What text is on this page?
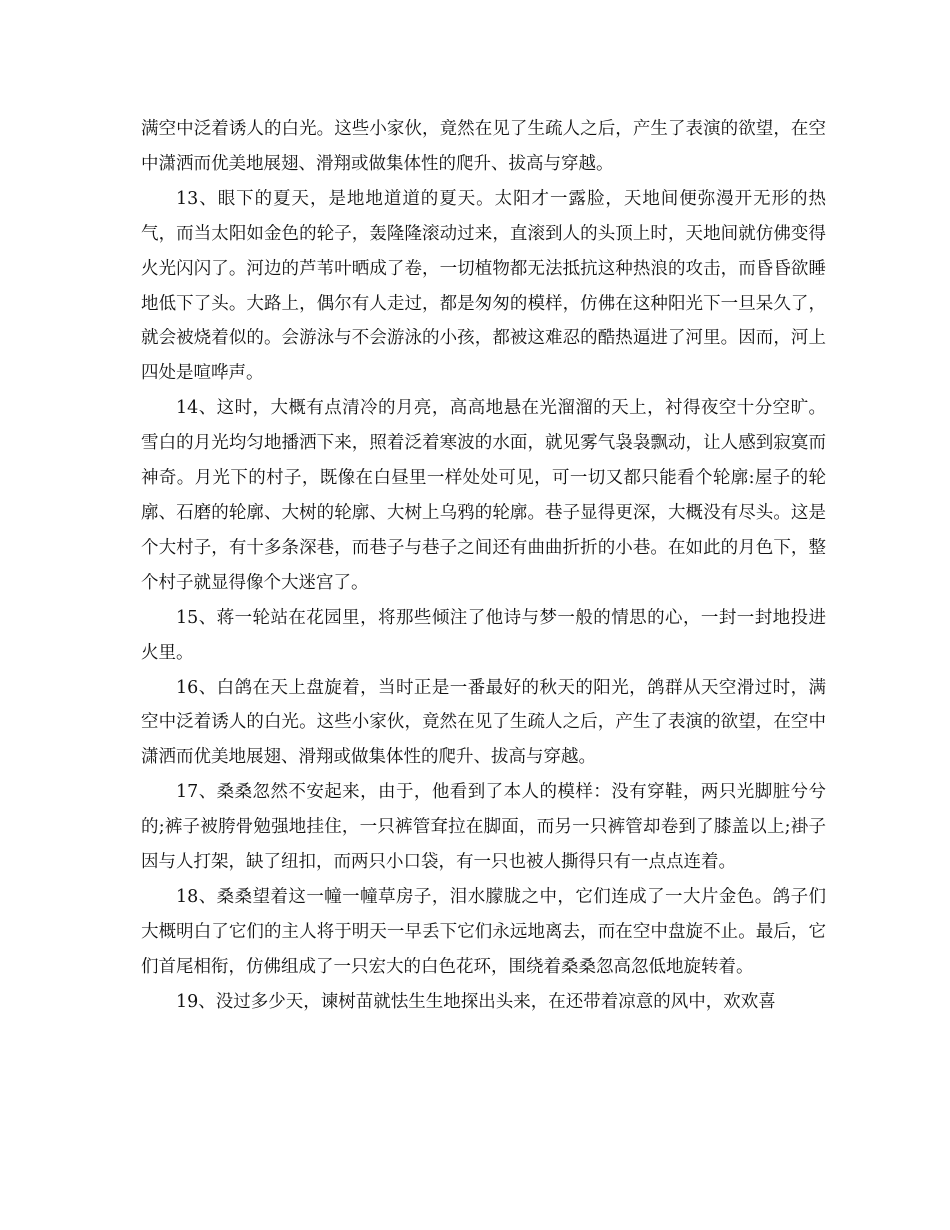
满空中泛着诱人的白光。这些小家伙，竟然在见了生疏人之后，产生了表演的欲望，在空中潇洒而优美地展翅、滑翔或做集体性的爬升、拔高与穿越。

13、眼下的夏天，是地地道道的夏天。太阳才一露脸，天地间便弥漫开无形的热气，而当太阳如金色的轮子，轰隆隆滚动过来，直滚到人的头顶上时，天地间就仿佛变得火光闪闪了。河边的芦苇叶晒成了卷，一切植物都无法抵抗这种热浪的攻击，而昏昏欲睡地低下了头。大路上，偶尔有人走过，都是匆匆的模样，仿佛在这种阳光下一旦呆久了，就会被烧着似的。会游泳与不会游泳的小孩，都被这难忍的酷热逼进了河里。因而，河上四处是喧哗声。

14、这时，大概有点清冷的月亮，高高地悬在光溜溜的天上，衬得夜空十分空旷。雪白的月光均匀地播洒下来，照着泛着寒波的水面，就见雾气袅袅飘动，让人感到寂寞而神奇。月光下的村子，既像在白昼里一样处处可见，可一切又都只能看个轮廓:屋子的轮廓、石磨的轮廓、大树的轮廓、大树上乌鸦的轮廓。巷子显得更深，大概没有尽头。这是个大村子，有十多条深巷，而巷子与巷子之间还有曲曲折折的小巷。在如此的月色下，整个村子就显得像个大迷宫了。

15、蒋一轮站在花园里，将那些倾注了他诗与梦一般的情思的心，一封一封地投进火里。

16、白鸽在天上盘旋着，当时正是一番最好的秋天的阳光，鸽群从天空滑过时，满空中泛着诱人的白光。这些小家伙，竟然在见了生疏人之后，产生了表演的欲望，在空中潇洒而优美地展翅、滑翔或做集体性的爬升、拔高与穿越。

17、桑桑忽然不安起来，由于，他看到了本人的模样：没有穿鞋，两只光脚脏兮兮的;裤子被胯骨勉强地挂住，一只裤管耷拉在脚面，而另一只裤管却卷到了膝盖以上;褂子因与人打架，缺了纽扣，而两只小口袋，有一只也被人撕得只有一点点连着。

18、桑桑望着这一幢一幢草房子，泪水朦胧之中，它们连成了一大片金色。鸽子们大概明白了它们的主人将于明天一早丢下它们永远地离去，而在空中盘旋不止。最后，它们首尾相衔，仿佛组成了一只宏大的白色花环，围绕着桑桑忽高忽低地旋转着。

19、没过多少天，谏树苗就怯生生地探出头来，在还带着凉意的风中，欢欢喜
